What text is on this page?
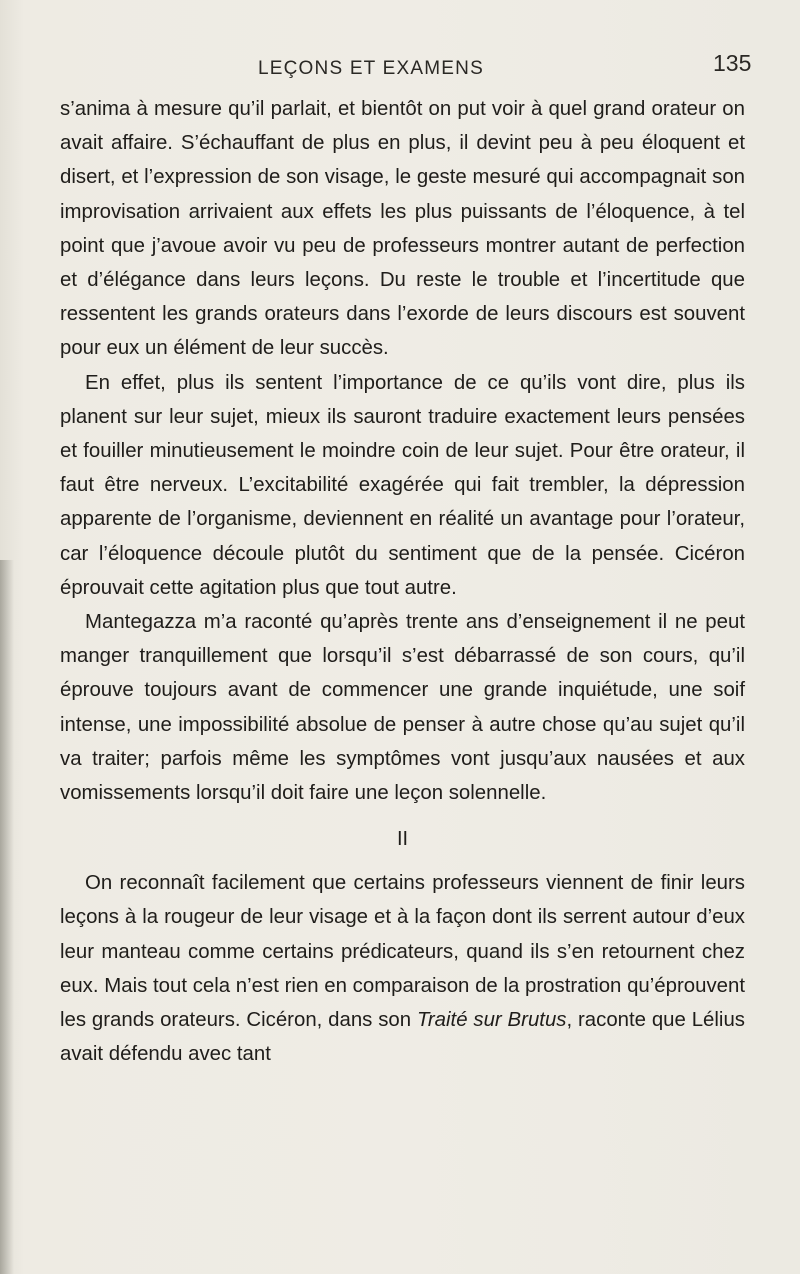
LEÇONS ET EXAMENS	135

s’anima à mesure qu’il parlait, et bientôt on put voir à quel grand orateur on avait affaire. S’échauffant de plus en plus, il devint peu à peu éloquent et disert, et l’expression de son visage, le geste mesuré qui accompagnait son improvisation arrivaient aux effets les plus puissants de l’éloquence, à tel point que j’avoue avoir vu peu de professeurs montrer autant de perfection et d’élégance dans leurs leçons. Du reste le trouble et l’incertitude que ressentent les grands orateurs dans l’exorde de leurs discours est souvent pour eux un élément de leur succès.

En effet, plus ils sentent l’importance de ce qu’ils vont dire, plus ils planent sur leur sujet, mieux ils sauront traduire exactement leurs pensées et fouiller minutieusement le moindre coin de leur sujet. Pour être orateur, il faut être nerveux. L’excitabilité exagérée qui fait trembler, la dépression apparente de l’organisme, deviennent en réalité un avantage pour l’orateur, car l’éloquence découle plutôt du sentiment que de la pensée. Cicéron éprouvait cette agitation plus que tout autre.

Mantegazza m’a raconté qu’après trente ans d’enseignement il ne peut manger tranquillement que lorsqu’il s’est débarrassé de son cours, qu’il éprouve toujours avant de commencer une grande inquiétude, une soif intense, une impossibilité absolue de penser à autre chose qu’au sujet qu’il va traiter; parfois même les symptômes vont jusqu’aux nausées et aux vomissements lorsqu’il doit faire une leçon solennelle.

II

On reconnaît facilement que certains professeurs viennent de finir leurs leçons à la rougeur de leur visage et à la façon dont ils serrent autour d’eux leur manteau comme certains prédicateurs, quand ils s’en retournent chez eux. Mais tout cela n’est rien en comparaison de la prostration qu’éprouvent les grands orateurs. Cicéron, dans son Traité sur Brutus, raconte que Lélius avait défendu avec tant
